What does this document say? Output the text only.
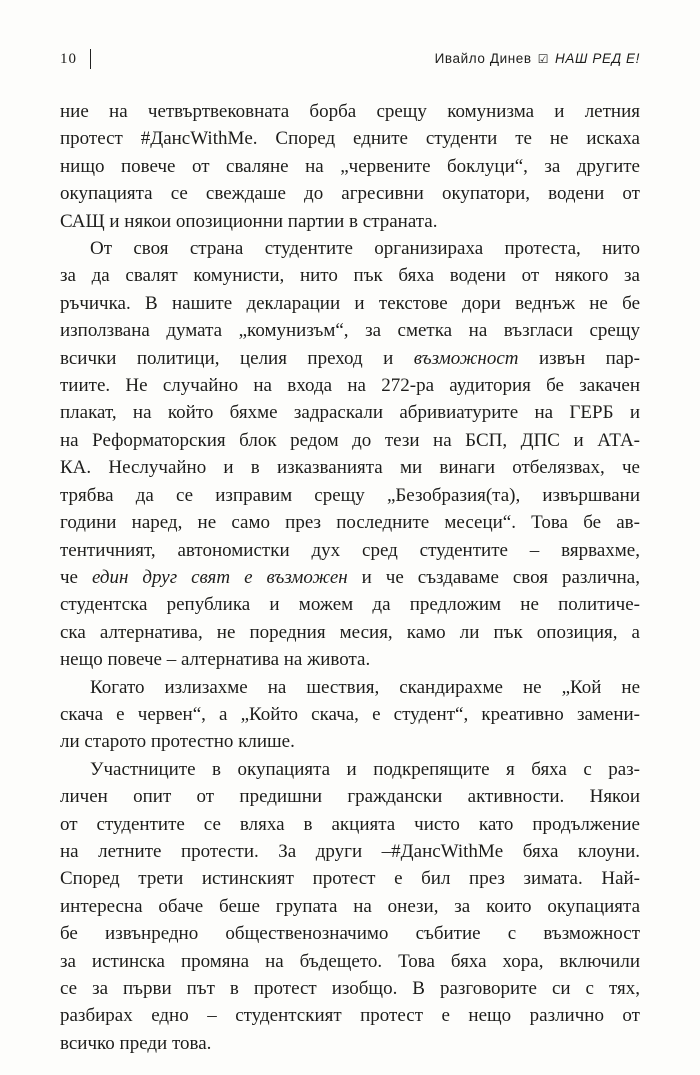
10	Ивайло Динев ☑ НАШ РЕД Е!

ние на четвъртвековната борба срещу комунизма и летния
протест #ДансWithMe. Според едните студенти те не искаха
нищо повече от сваляне на „червените боклуци“, за другите
окупацията се свеждаше до агресивни окупатори, водени от
САЩ и някои опозиционни партии в страната.

От своя страна студентите организираха протеста, нито
за да свалят комунисти, нито пък бяха водени от някого за
ръчичка. В нашите декларации и текстове дори веднъж не бе
използвана думата „комунизъм“, за сметка на възгласи срещу
всички политици, целия преход и възможност извън пар-
тиите. Не случайно на входа на 272-ра аудитория бе закачен
плакат, на който бяхме задраскали абривиатурите на ГЕРБ и
на Реформаторския блок редом до тези на БСП, ДПС и АТА-
КА. Неслучайно и в изказванията ми винаги отбелязвах, че
трябва да се изправим срещу „Безобразия(та), извършвани
години наред, не само през последните месеци“. Това бе ав-
тентичният, автономистки дух сред студентите – вярвахме,
че един друг свят е възможен и че създаваме своя различна,
студентска република и можем да предложим не политиче-
ска алтернатива, не поредния месия, камо ли пък опозиция, а
нещо повече – алтернатива на живота.

Когато излизахме на шествия, скандирахме не „Кой не
скача е червен“, а „Който скача, е студент“, креативно замени-
ли старото протестно клише.

Участниците в окупацията и подкрепящите я бяха с раз-
личен опит от предишни граждански активности. Някои
от студентите се вляха в акцията чисто като продължение
на летните протести. За други –#ДансWithMe бяха клоуни.
Според трети истинският протест е бил през зимата. Най-
интересна обаче беше групата на онези, за които окупацията
бе извънредно общественозначимо събитие с възможност
за истинска промяна на бъдещето. Това бяха хора, включили
се за първи път в протест изобщо. В разговорите си с тях,
разбирах едно – студентският протест е нещо различно от
всичко преди това.
